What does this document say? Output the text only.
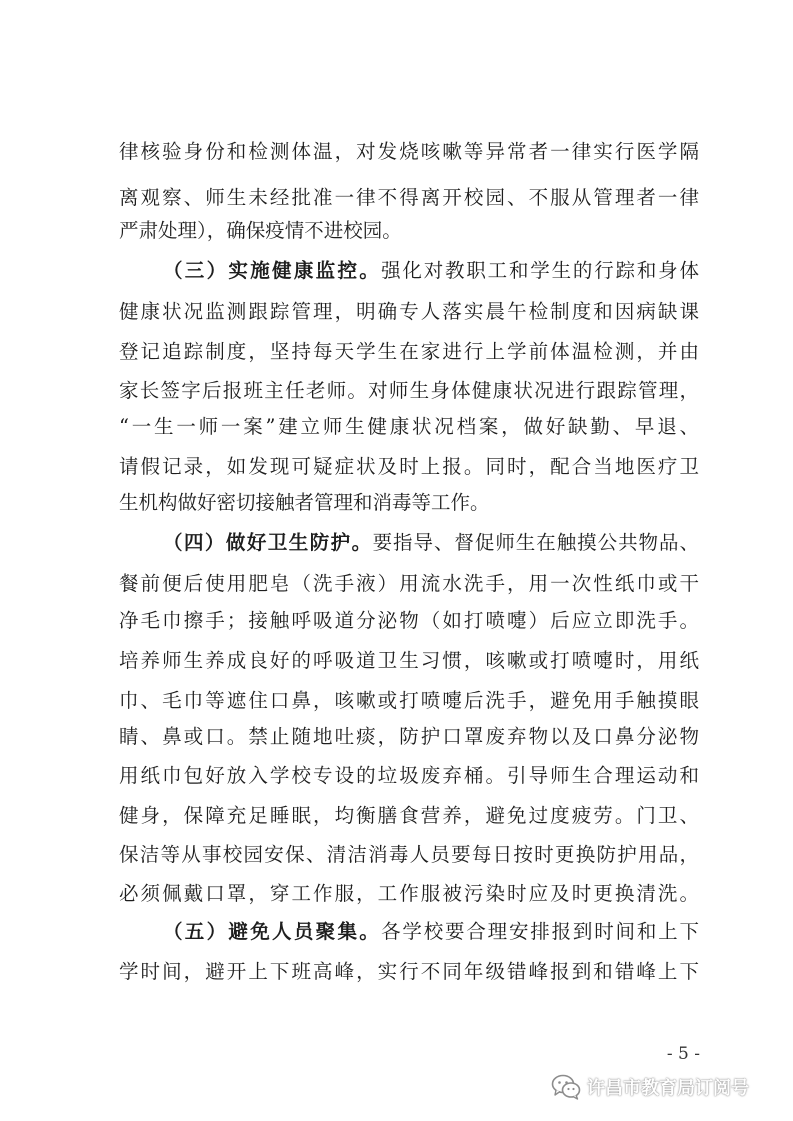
律核验身份和检测体温，对发烧咳嗽等异常者一律实行医学隔
离观察、师生未经批准一律不得离开校园、不服从管理者一律
严肃处理），确保疫情不进校园。
（三）实施健康监控。强化对教职工和学生的行踪和身体
健康状况监测跟踪管理，明确专人落实晨午检制度和因病缺课
登记追踪制度，坚持每天学生在家进行上学前体温检测，并由
家长签字后报班主任老师。对师生身体健康状况进行跟踪管理，
“一生一师一案”建立师生健康状况档案，做好缺勤、早退、
请假记录，如发现可疑症状及时上报。同时，配合当地医疗卫
生机构做好密切接触者管理和消毒等工作。
（四）做好卫生防护。要指导、督促师生在触摸公共物品、
餐前便后使用肥皂（洗手液）用流水洗手，用一次性纸巾或干
净毛巾擦手；接触呼吸道分泌物（如打喷嚏）后应立即洗手。
培养师生养成良好的呼吸道卫生习惯，咳嗽或打喷嚏时，用纸
巾、毛巾等遮住口鼻，咳嗽或打喷嚏后洗手，避免用手触摸眼
睛、鼻或口。禁止随地吐痰，防护口罩废弃物以及口鼻分泌物
用纸巾包好放入学校专设的垃圾废弃桶。引导师生合理运动和
健身，保障充足睡眠，均衡膳食营养，避免过度疲劳。门卫、
保洁等从事校园安保、清洁消毒人员要每日按时更换防护用品，
必须佩戴口罩，穿工作服，工作服被污染时应及时更换清洗。
（五）避免人员聚集。各学校要合理安排报到时间和上下
学时间，避开上下班高峰，实行不同年级错峰报到和错峰上下
- 5 -
许昌市教育局订阅号
